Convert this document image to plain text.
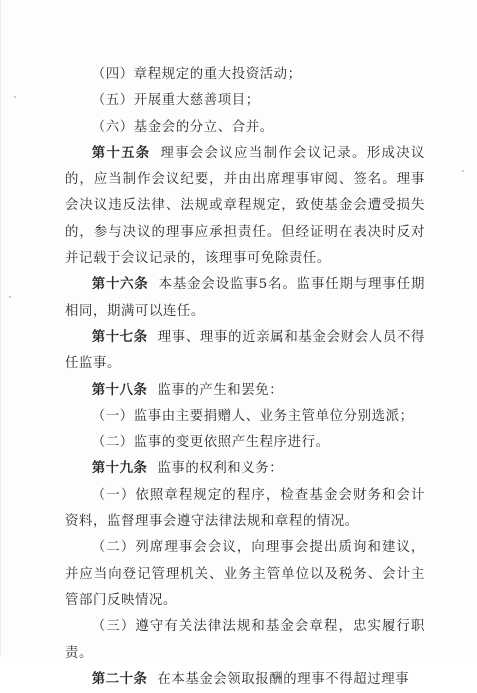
（四）章程规定的重大投资活动；

（五）开展重大慈善项目；

（六）基金会的分立、合并。

第十五条 理事会会议应当制作会议记录。形成决议的，应当制作会议纪要，并由出席理事审阅、签名。理事会决议违反法律、法规或章程规定，致使基金会遭受损失的，参与决议的理事应承担责任。但经证明在表决时反对并记载于会议记录的，该理事可免除责任。

第十六条 本基金会设监事5名。监事任期与理事任期相同，期满可以连任。

第十七条 理事、理事的近亲属和基金会财会人员不得任监事。

第十八条 监事的产生和罢免：

（一）监事由主要捐赠人、业务主管单位分别选派；

（二）监事的变更依照产生程序进行。

第十九条 监事的权利和义务：

（一）依照章程规定的程序，检查基金会财务和会计资料，监督理事会遵守法律法规和章程的情况。

（二）列席理事会会议，向理事会提出质询和建议，并应当向登记管理机关、业务主管单位以及税务、会计主管部门反映情况。

（三）遵守有关法律法规和基金会章程，忠实履行职责。

第二十条 在本基金会领取报酬的理事不得超过理事
